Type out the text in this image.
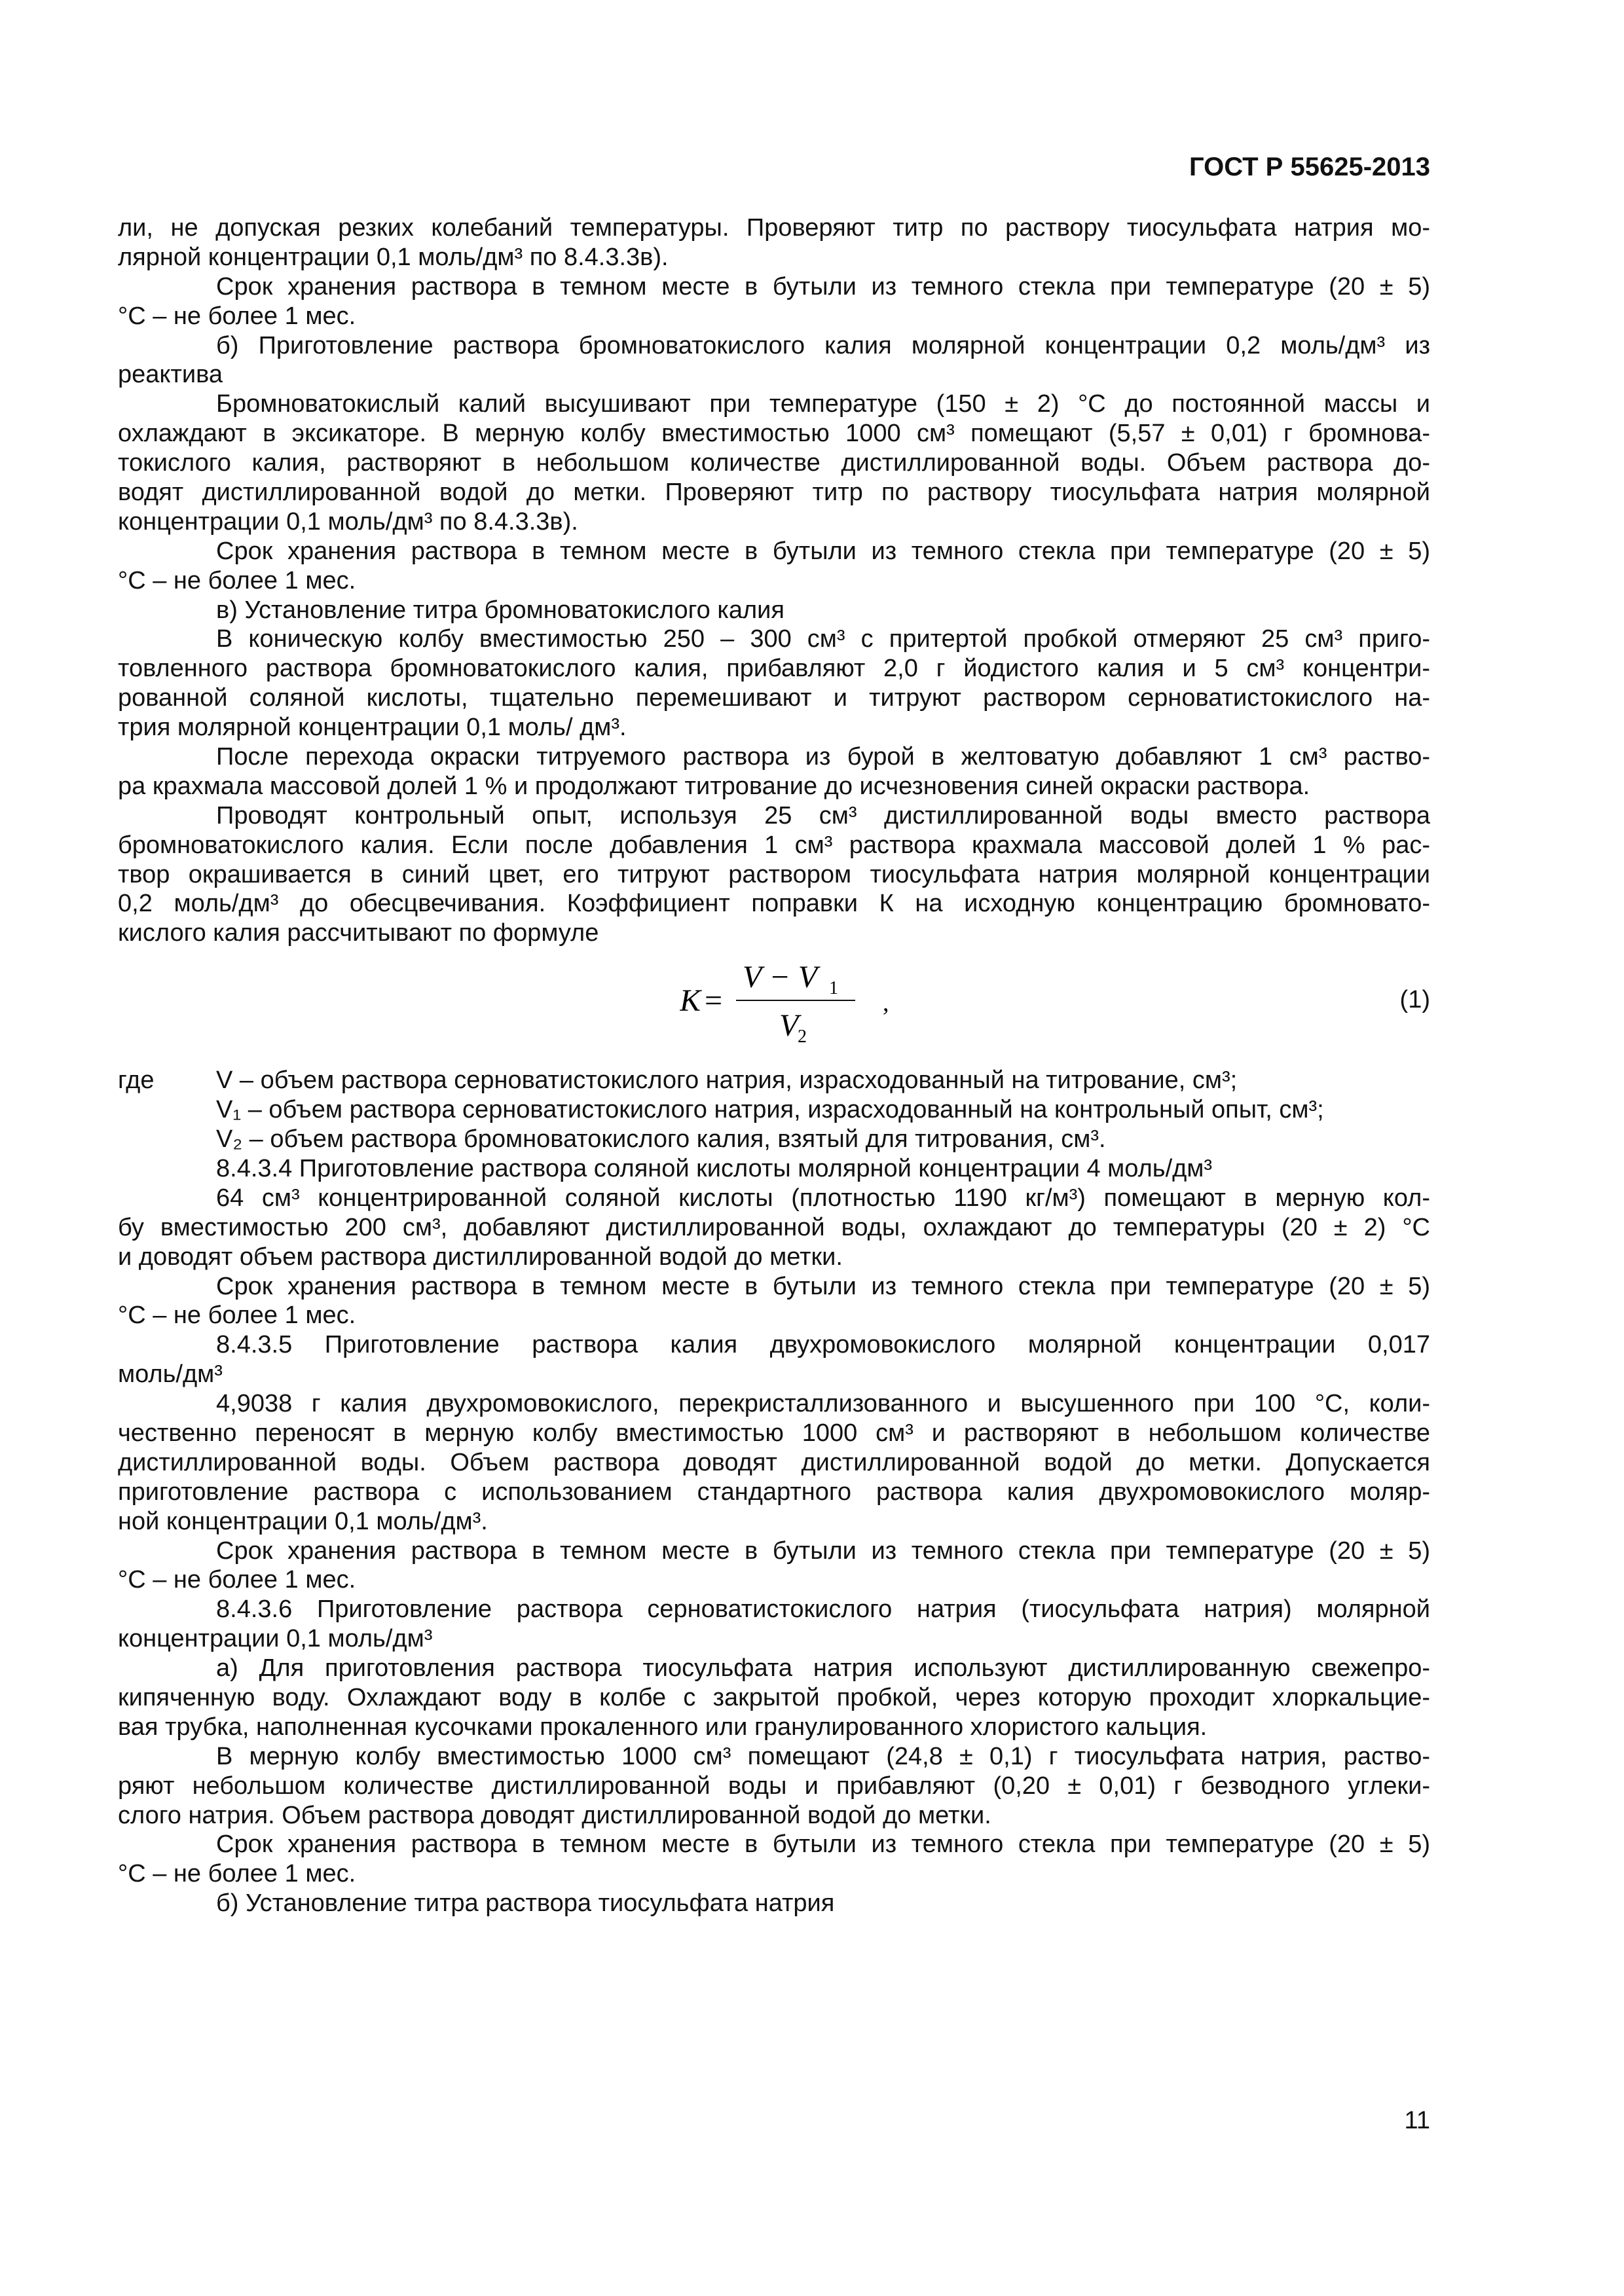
ГОСТ Р 55625-2013
ли, не допуская резких колебаний температуры. Проверяют титр по раствору тиосульфата натрия мо-
лярной концентрации 0,1 моль/дм³ по 8.4.3.3в).
Срок хранения раствора в темном месте в бутыли из темного стекла при температуре (20 ± 5)
°С – не более 1 мес.
б) Приготовление раствора бромноватокислого калия молярной концентрации 0,2 моль/дм³ из
реактива
Бромноватокислый калий высушивают при температуре (150 ± 2) °С до постоянной массы и
охлаждают в эксикаторе. В мерную колбу вместимостью 1000 см³ помещают (5,57 ± 0,01) г бромнова-
токислого калия, растворяют в небольшом количестве дистиллированной воды. Объем раствора до-
водят дистиллированной водой до метки. Проверяют титр по раствору тиосульфата натрия молярной
концентрации 0,1 моль/дм³ по 8.4.3.3в).
Срок хранения раствора в темном месте в бутыли из темного стекла при температуре (20 ± 5)
°С – не более 1 мес.
в) Установление титра бромноватокислого калия
В коническую колбу вместимостью 250 – 300 см³ с притертой пробкой отмеряют 25 см³ приго-
товленного раствора бромноватокислого калия, прибавляют 2,0 г йодистого калия и 5 см³ концентри-
рованной соляной кислоты, тщательно перемешивают и титруют раствором серноватистокислого на-
трия молярной концентрации 0,1 моль/ дм³.
После перехода окраски титруемого раствора из бурой в желтоватую добавляют 1 см³ раство-
ра крахмала массовой долей 1 % и продолжают титрование до исчезновения синей окраски раствора.
Проводят контрольный опыт, используя 25 см³ дистиллированной воды вместо раствора
бромноватокислого калия. Если после добавления 1 см³ раствора крахмала массовой долей 1 % рас-
твор окрашивается в синий цвет, его титруют раствором тиосульфата натрия молярной концентрации
0,2 моль/дм³ до обесцвечивания. Коэффициент поправки К на исходную концентрацию бромновато-
кислого калия рассчитывают по формуле
K =
V − V 1
V
2
,	(1)
где V – объем раствора серноватистокислого натрия, израсходованный на титрование, см³;
V₁ – объем раствора серноватистокислого натрия, израсходованный на контрольный опыт, см³;
V₂ – объем раствора бромноватокислого калия, взятый для титрования, см³.
8.4.3.4 Приготовление раствора соляной кислоты молярной концентрации 4 моль/дм³
64 см³ концентрированной соляной кислоты (плотностью 1190 кг/м³) помещают в мерную кол-
бу вместимостью 200 см³, добавляют дистиллированной воды, охлаждают до температуры (20 ± 2) °С
и доводят объем раствора дистиллированной водой до метки.
Срок хранения раствора в темном месте в бутыли из темного стекла при температуре (20 ± 5)
°С – не более 1 мес.
8.4.3.5 Приготовление раствора калия двухромовокислого молярной концентрации 0,017
моль/дм³
4,9038 г калия двухромовокислого, перекристаллизованного и высушенного при 100 °С, коли-
чественно переносят в мерную колбу вместимостью 1000 см³ и растворяют в небольшом количестве
дистиллированной воды. Объем раствора доводят дистиллированной водой до метки. Допускается
приготовление раствора с использованием стандартного раствора калия двухромовокислого моляр-
ной концентрации 0,1 моль/дм³.
Срок хранения раствора в темном месте в бутыли из темного стекла при температуре (20 ± 5)
°С – не более 1 мес.
8.4.3.6 Приготовление раствора серноватистокислого натрия (тиосульфата натрия) молярной
концентрации 0,1 моль/дм³
а) Для приготовления раствора тиосульфата натрия используют дистиллированную свежепро-
кипяченную воду. Охлаждают воду в колбе с закрытой пробкой, через которую проходит хлоркальцие-
вая трубка, наполненная кусочками прокаленного или гранулированного хлористого кальция.
В мерную колбу вместимостью 1000 см³ помещают (24,8 ± 0,1) г тиосульфата натрия, раство-
ряют небольшом количестве дистиллированной воды и прибавляют (0,20 ± 0,01) г безводного углеки-
слого натрия. Объем раствора доводят дистиллированной водой до метки.
Срок хранения раствора в темном месте в бутыли из темного стекла при температуре (20 ± 5)
°С – не более 1 мес.
б) Установление титра раствора тиосульфата натрия
11
